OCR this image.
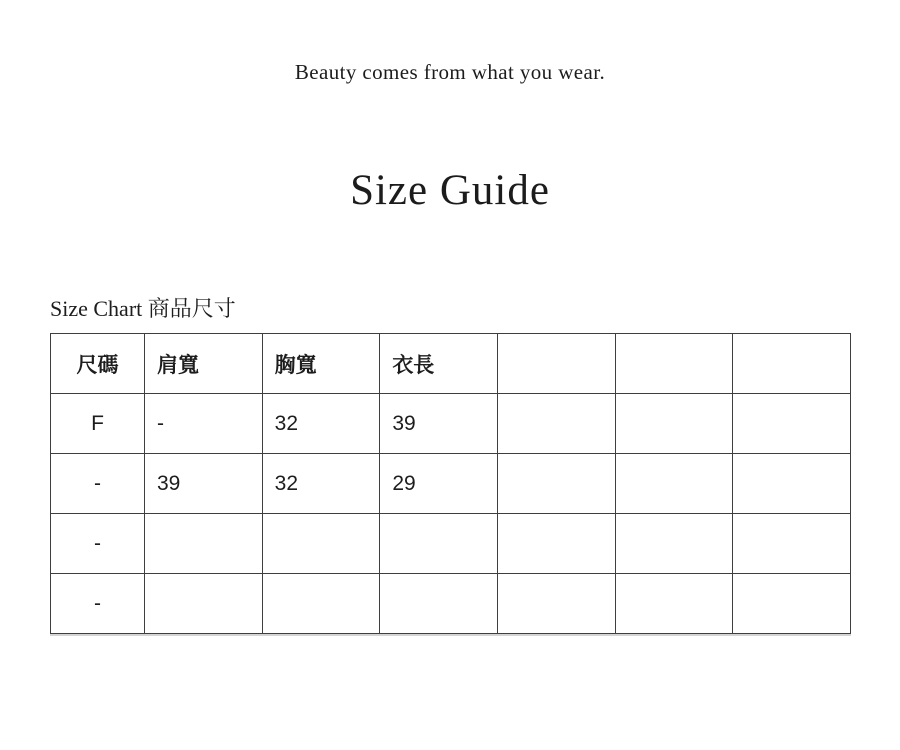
Beauty comes from what you wear.
Size Guide
Size Chart 商品尺寸
尺碼	肩寬	胸寬	衣長			
F	-	32	39			
-	39	32	29			
-						
-						
